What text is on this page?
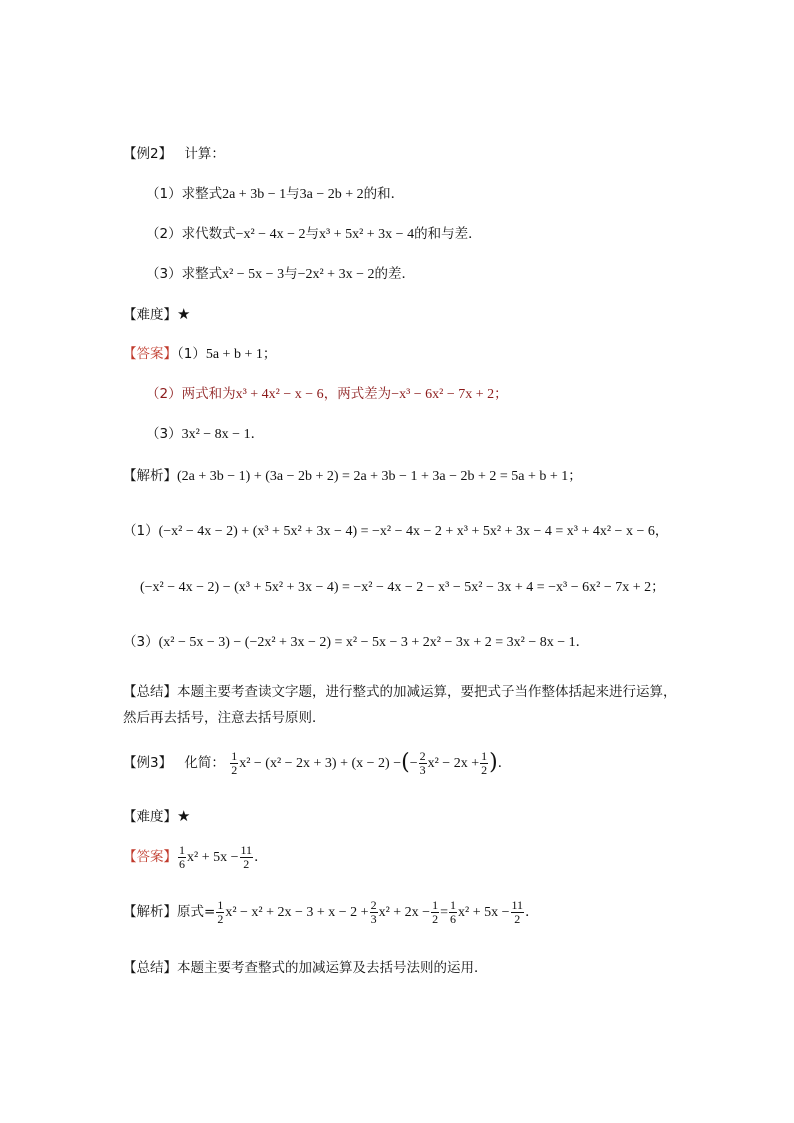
【例2】 计算：
（1）求整式2a + 3b − 1与3a − 2b + 2的和．
（2）求代数式−x² − 4x − 2与x³ + 5x² + 3x − 4的和与差．
（3）求整式x² − 5x − 3与−2x² + 3x − 2的差．
【难度】★
【答案】（1）5a + b + 1；
（2）两式和为x³ + 4x² − x − 6，两式差为−x³ − 6x² − 7x + 2；
（3）3x² − 8x − 1．
【解析】(2a + 3b − 1) + (3a − 2b + 2) = 2a + 3b − 1 + 3a − 2b + 2 = 5a + b + 1；
（1）(−x² − 4x − 2) + (x³ + 5x² + 3x − 4) = −x² − 4x − 2 + x³ + 5x² + 3x − 4 = x³ + 4x² − x − 6，
(−x² − 4x − 2) − (x³ + 5x² + 3x − 4) = −x² − 4x − 2 − x³ − 5x² − 3x + 4 = −x³ − 6x² − 7x + 2；
（3）(x² − 5x − 3) − (−2x² + 3x − 2) = x² − 5x − 3 + 2x² − 3x + 2 = 3x² − 8x − 1．
【总结】本题主要考查读文字题，进行整式的加减运算，要把式子当作整体括起来进行运算，
然后再去括号，注意去括号原则．
【例3】 化简： $\frac{1}{2} x^2 - (x^2 - 2x + 3) + (x - 2)$ −(− $\frac{2}{3} x^2 - 2x + \frac{1}{2}$ )．
【难度】★
【答案】 $\frac{1}{6} x^2 + 5x - \frac{11}{2}$ ．
【解析】原式= $\frac{1}{2} x^2 - x^2 + 2x - 3 + x - 2 + \frac{2}{3} x^2 + 2x - \frac{1}{2} = \frac{1}{6} x^2 + 5x - \frac{11}{2}$ ．
【总结】本题主要考查整式的加减运算及去括号法则的运用．
